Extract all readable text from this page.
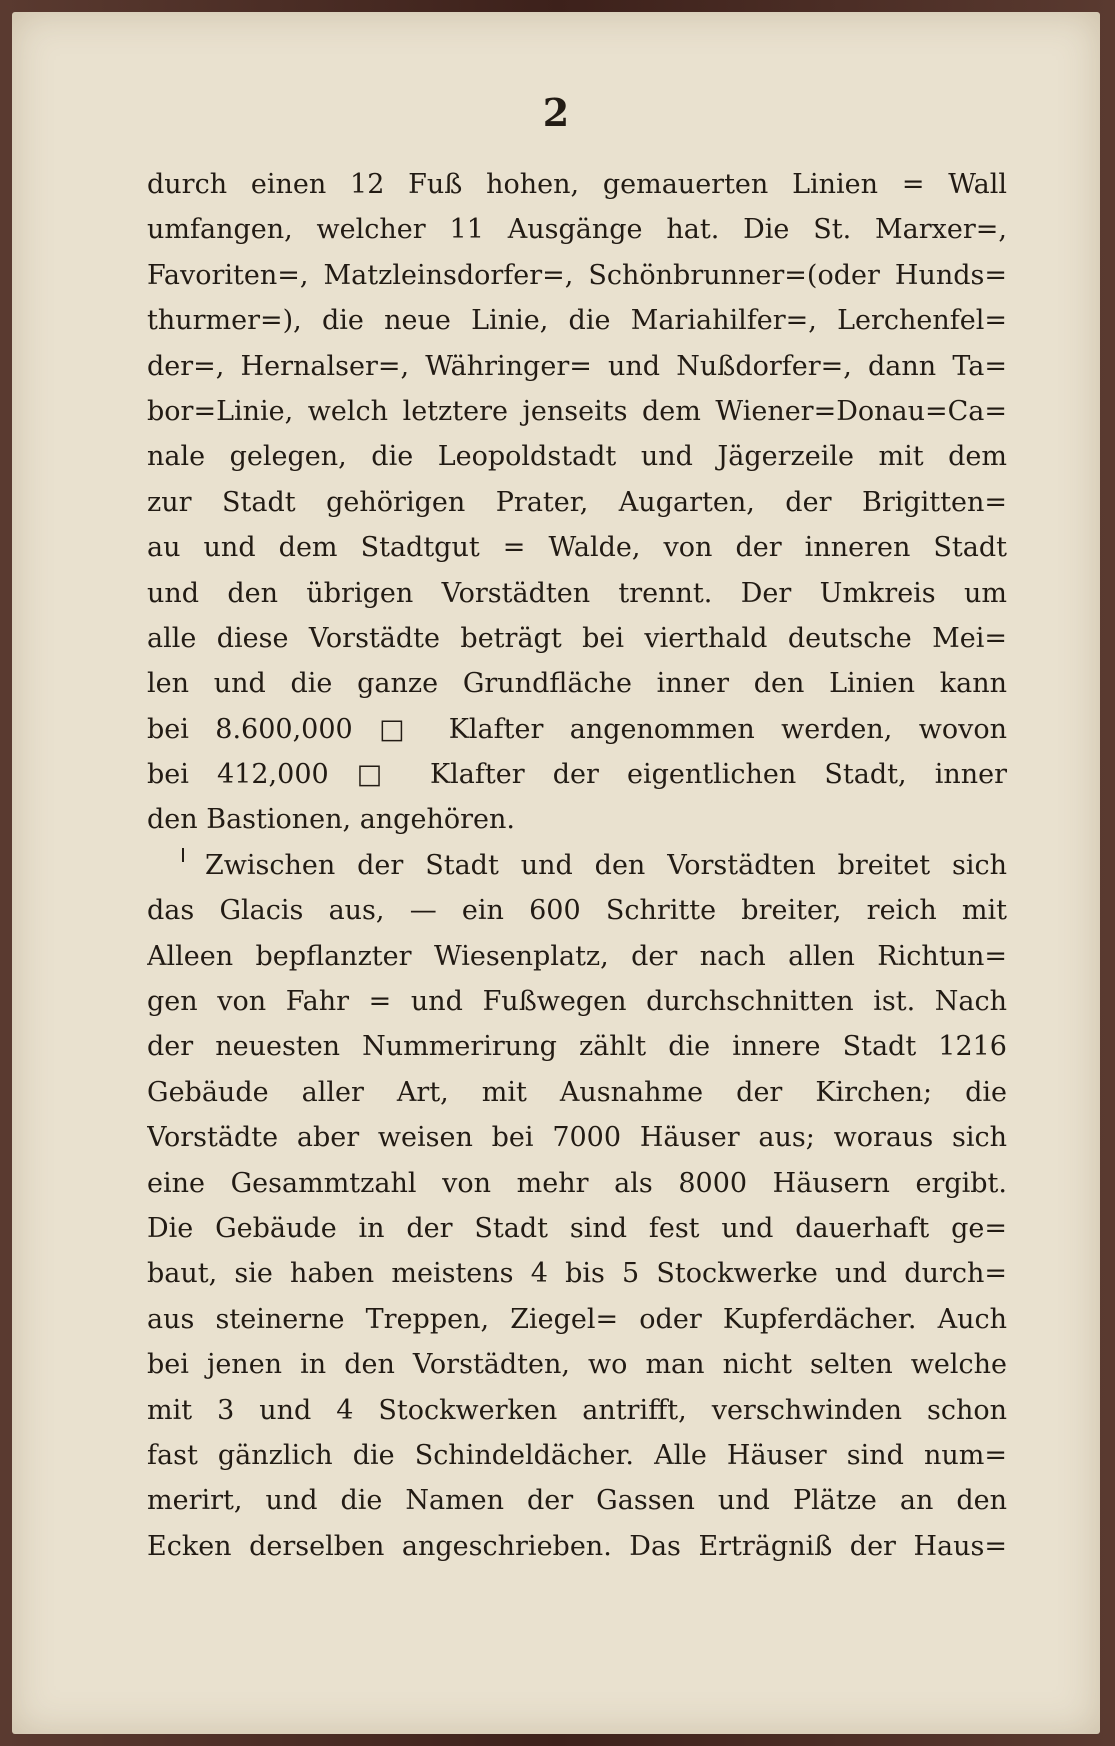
2
durch einen 12 Fuß hohen, gemauerten Linien = Wall
umfangen, welcher 11 Ausgänge hat. Die St. Marxer=,
Favoriten=, Matzleinsdorfer=, Schönbrunner=(oder Hunds=
thurmer=), die neue Linie, die Mariahilfer=, Lerchenfel=
der=, Hernalser=, Währinger= und Nußdorfer=, dann Ta=
bor=Linie, welch letztere jenseits dem Wiener=Donau=Ca=
nale gelegen, die Leopoldstadt und Jägerzeile mit dem
zur Stadt gehörigen Prater, Augarten, der Brigitten=
au und dem Stadtgut = Walde, von der inneren Stadt
und den übrigen Vorstädten trennt. Der Umkreis um
alle diese Vorstädte beträgt bei vierthald deutsche Mei=
len und die ganze Grundfläche inner den Linien kann
bei 8.600,000 □ Klafter angenommen werden, wovon
bei 412,000 □ Klafter der eigentlichen Stadt, inner
den Bastionen, angehören.
Zwischen der Stadt und den Vorstädten breitet sich
das Glacis aus, — ein 600 Schritte breiter, reich mit
Alleen bepflanzter Wiesenplatz, der nach allen Richtun=
gen von Fahr = und Fußwegen durchschnitten ist. Nach
der neuesten Nummerirung zählt die innere Stadt 1216
Gebäude aller Art, mit Ausnahme der Kirchen; die
Vorstädte aber weisen bei 7000 Häuser aus; woraus sich
eine Gesammtzahl von mehr als 8000 Häusern ergibt.
Die Gebäude in der Stadt sind fest und dauerhaft ge=
baut, sie haben meistens 4 bis 5 Stockwerke und durch=
aus steinerne Treppen, Ziegel= oder Kupferdächer. Auch
bei jenen in den Vorstädten, wo man nicht selten welche
mit 3 und 4 Stockwerken antrifft, verschwinden schon
fast gänzlich die Schindeldächer. Alle Häuser sind num=
merirt, und die Namen der Gassen und Plätze an den
Ecken derselben angeschrieben. Das Erträgniß der Haus=
